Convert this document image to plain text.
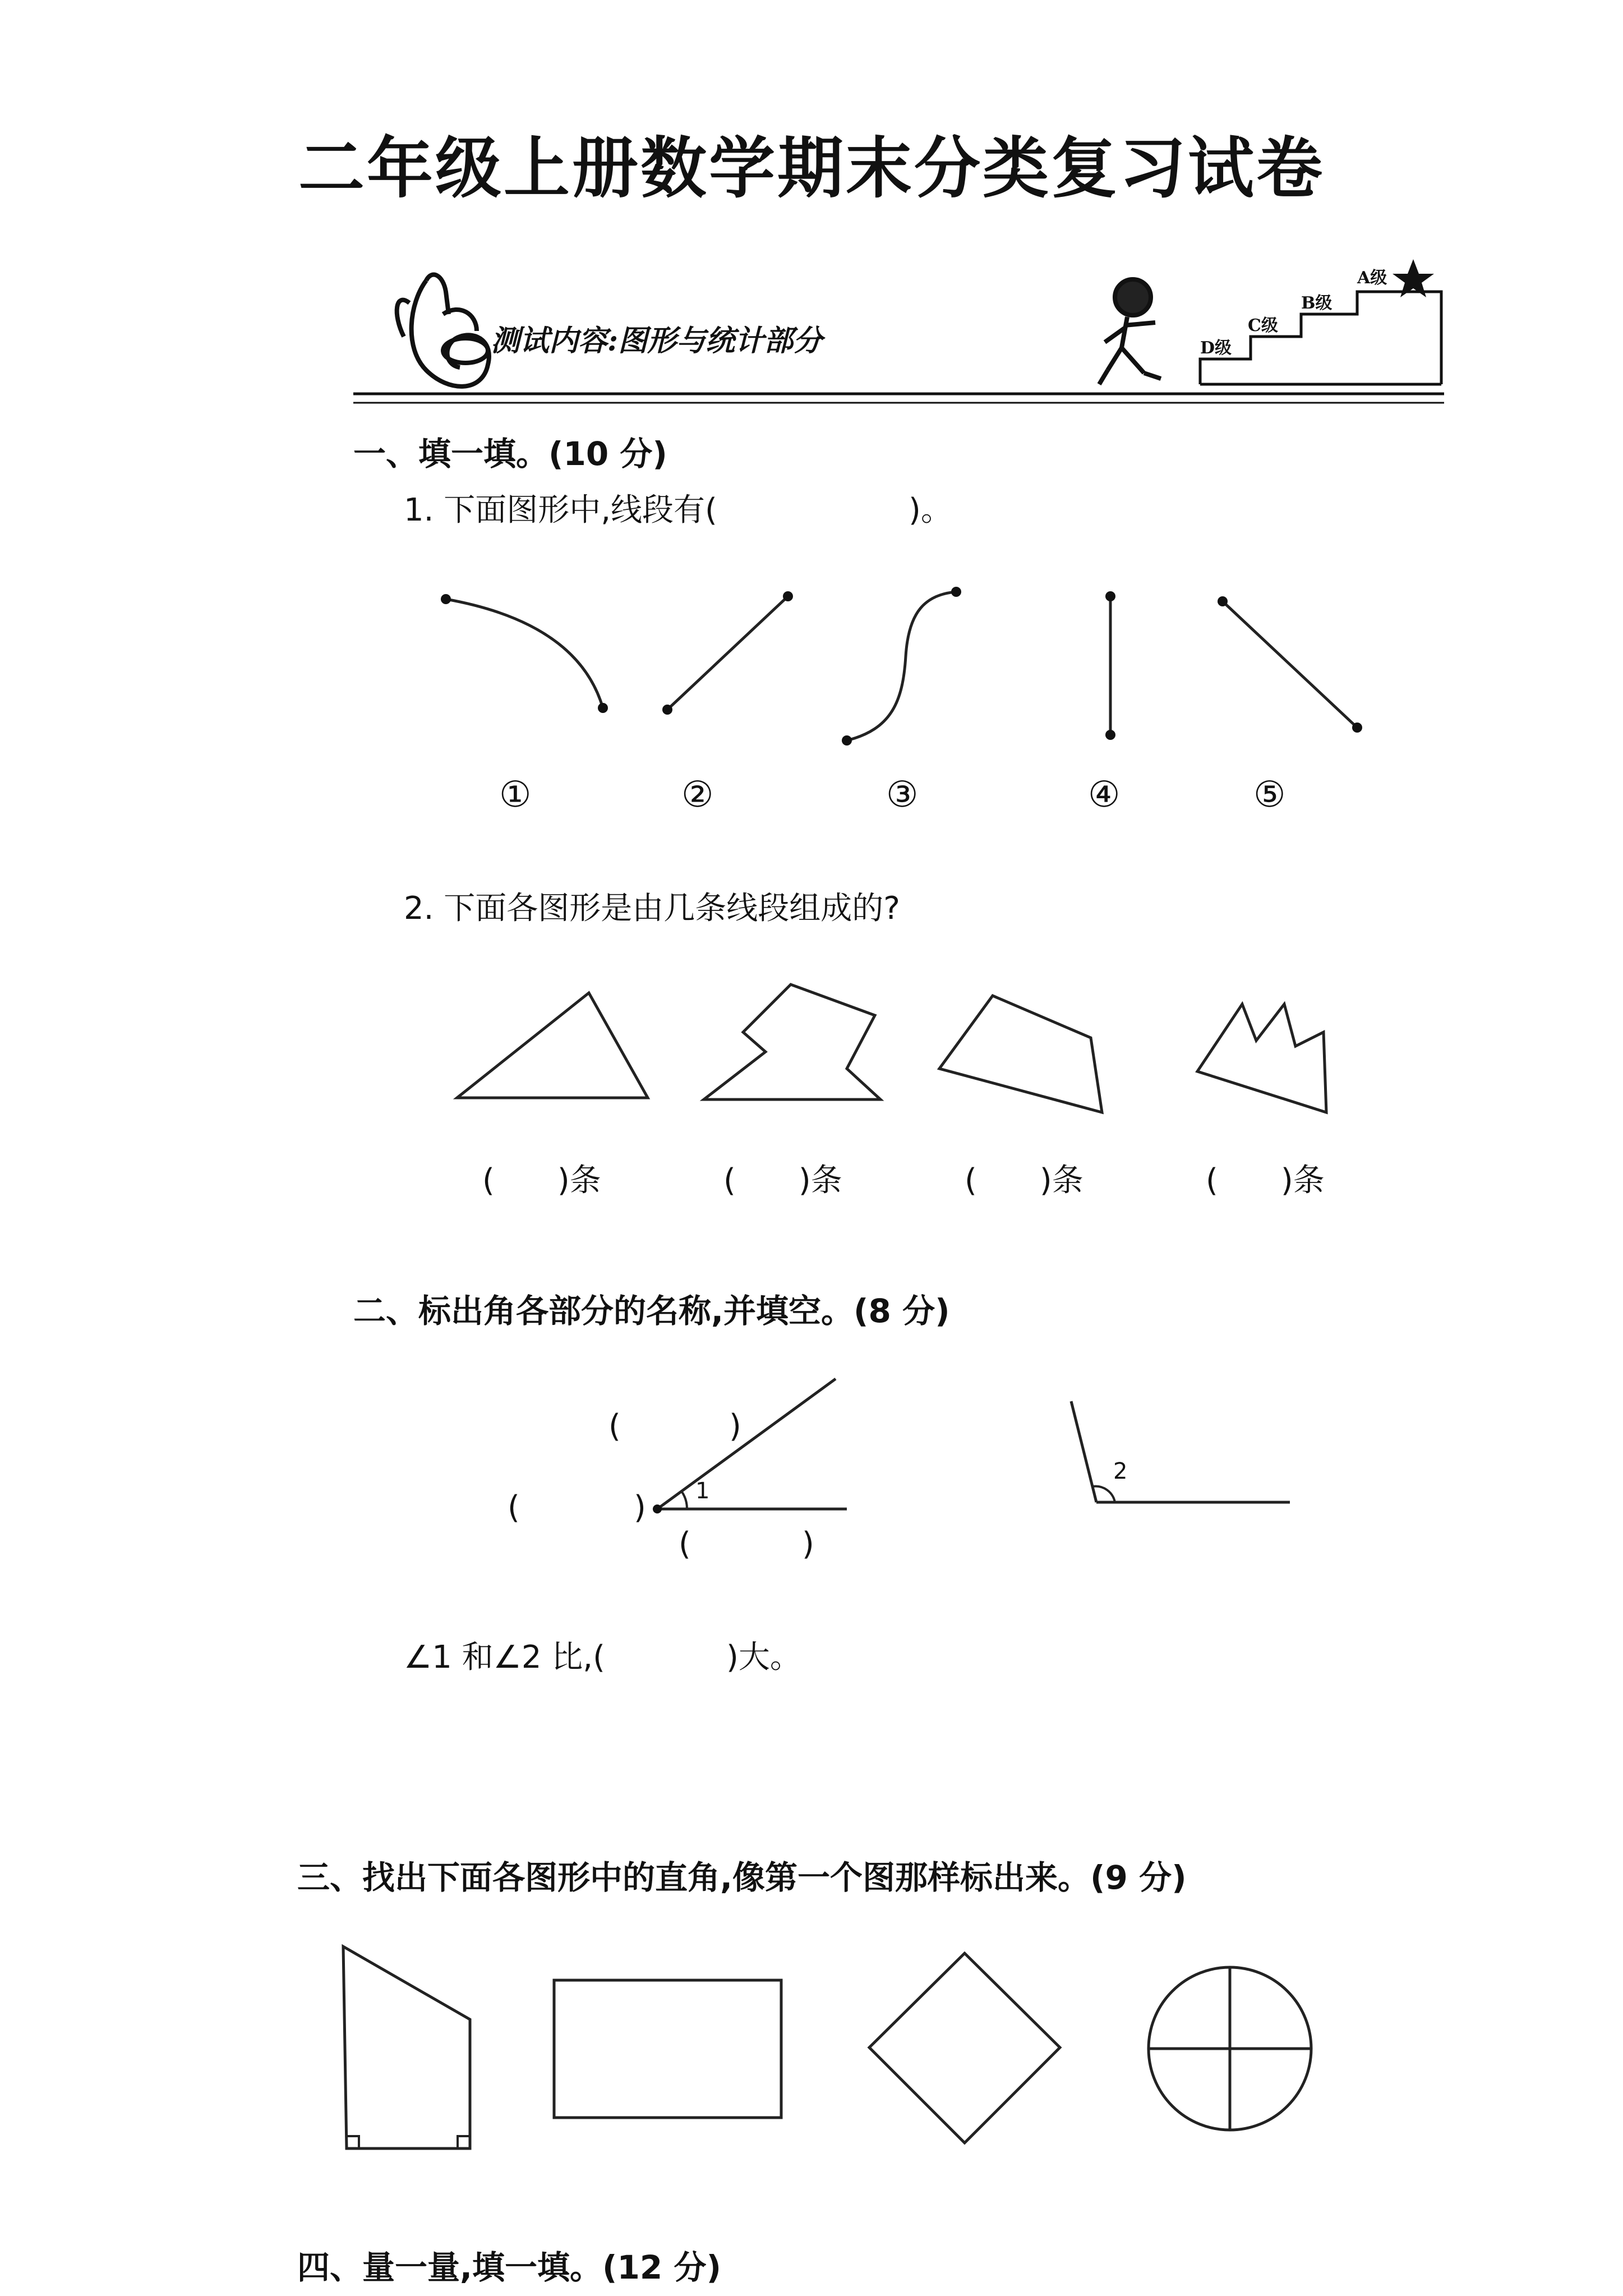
二年级上册数学期末分类复习试卷
测试内容:图形与统计部分	D级
C级
B级
A级
一、填一填。(10 分)
1. 下面图形中,线段有(	)。
①	②	③	④	⑤
2. 下面各图形是由几条线段组成的?
(　　)条	(　　)条	(　　)条	(　　)条
二、标出角各部分的名称,并填空。(8 分)
(	)
(	)
(	)
1
2
∠1 和∠2 比,(	)大。
三、找出下面各图形中的直角,像第一个图那样标出来。(9 分)
四、量一量,填一填。(12 分)
